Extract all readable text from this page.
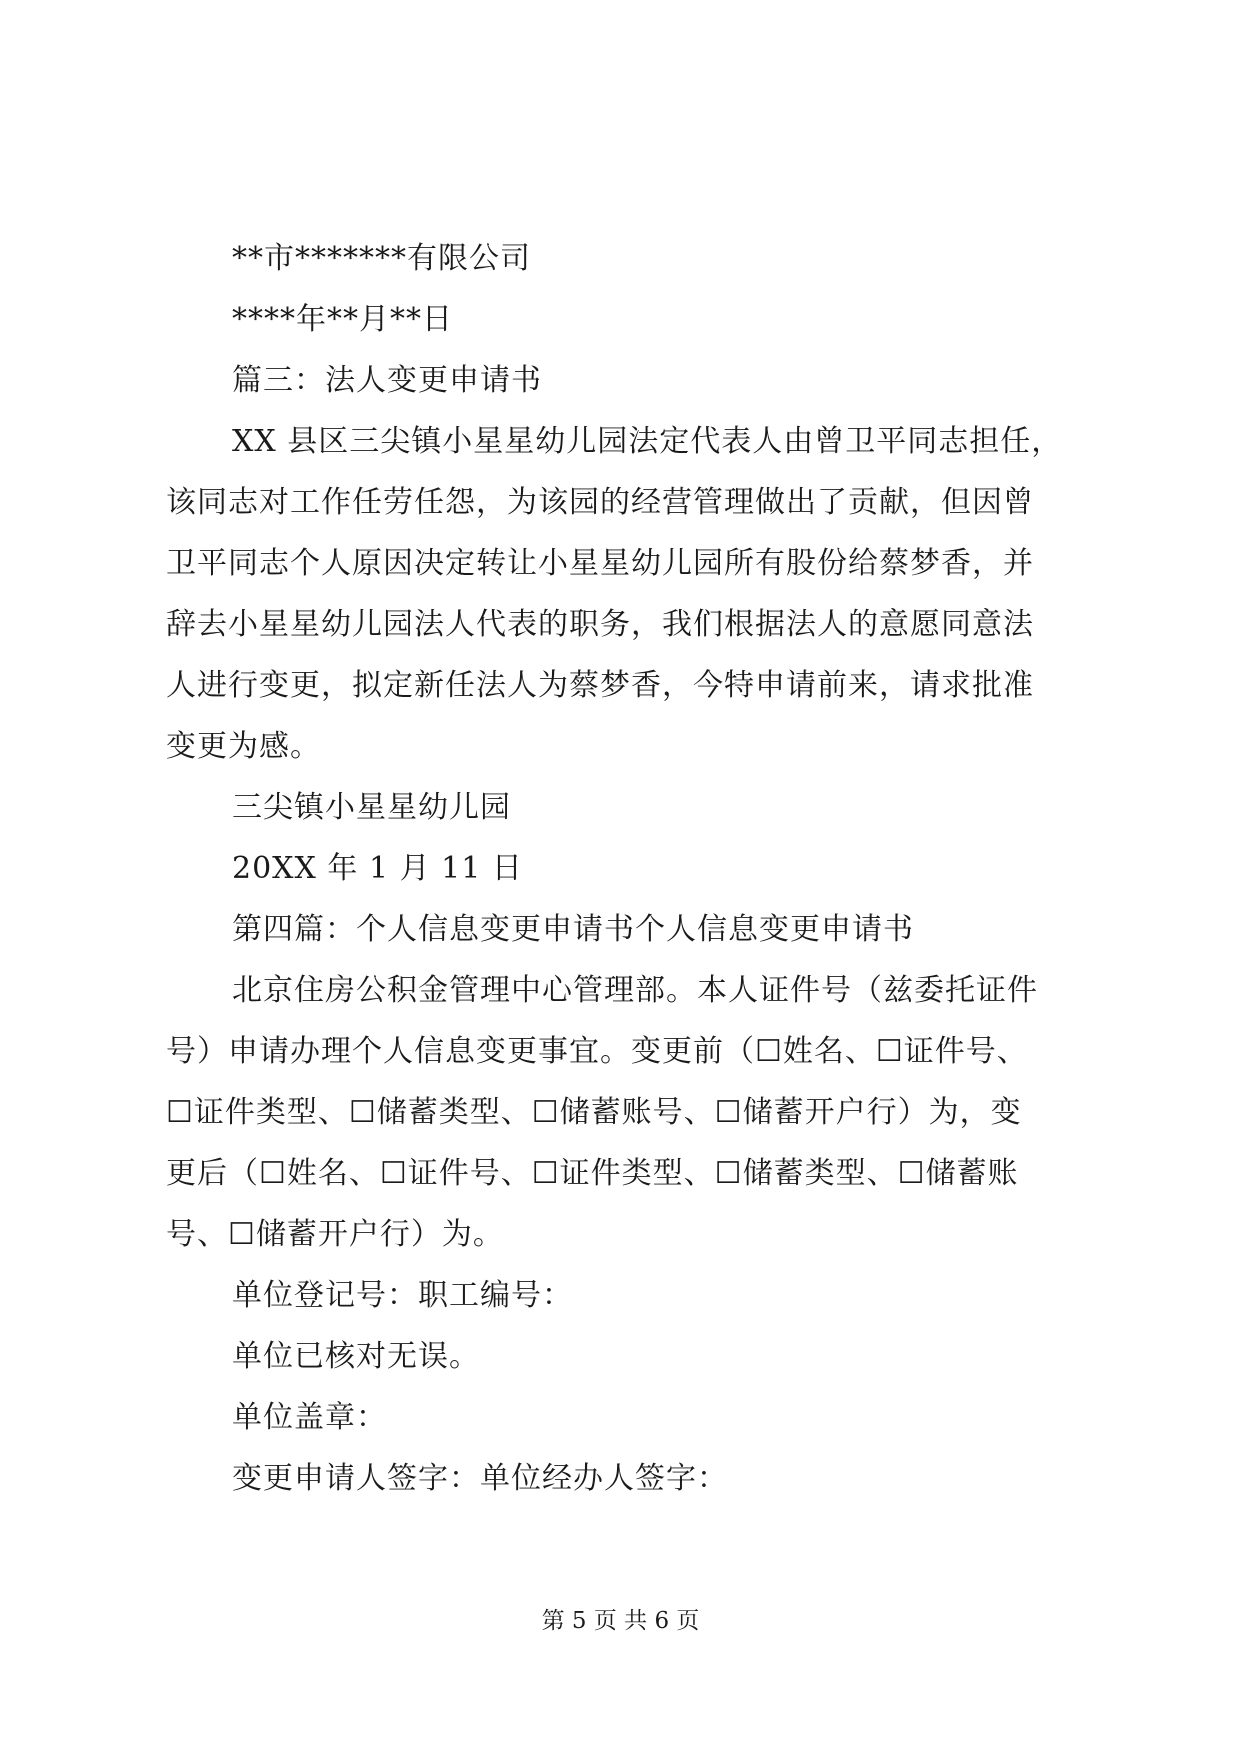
**市*******有限公司

****年**月**日

篇三：法人变更申请书

XX 县区三尖镇小星星幼儿园法定代表人由曾卫平同志担任，

该同志对工作任劳任怨，为该园的经营管理做出了贡献，但因曾

卫平同志个人原因决定转让小星星幼儿园所有股份给蔡梦香，并

辞去小星星幼儿园法人代表的职务，我们根据法人的意愿同意法

人进行变更，拟定新任法人为蔡梦香，今特申请前来，请求批准

变更为感。

三尖镇小星星幼儿园

20XX 年 1 月 11 日

第四篇：个人信息变更申请书个人信息变更申请书

北京住房公积金管理中心管理部。本人证件号（兹委托证件

号）申请办理个人信息变更事宜。变更前（☐姓名、☐证件号、

☐证件类型、☐储蓄类型、☐储蓄账号、☐储蓄开户行）为，变

更后（☐姓名、☐证件号、☐证件类型、☐储蓄类型、☐储蓄账

号、☐储蓄开户行）为。

单位登记号：职工编号：

单位已核对无误。

单位盖章：

变更申请人签字：单位经办人签字：

第 5 页 共 6 页
